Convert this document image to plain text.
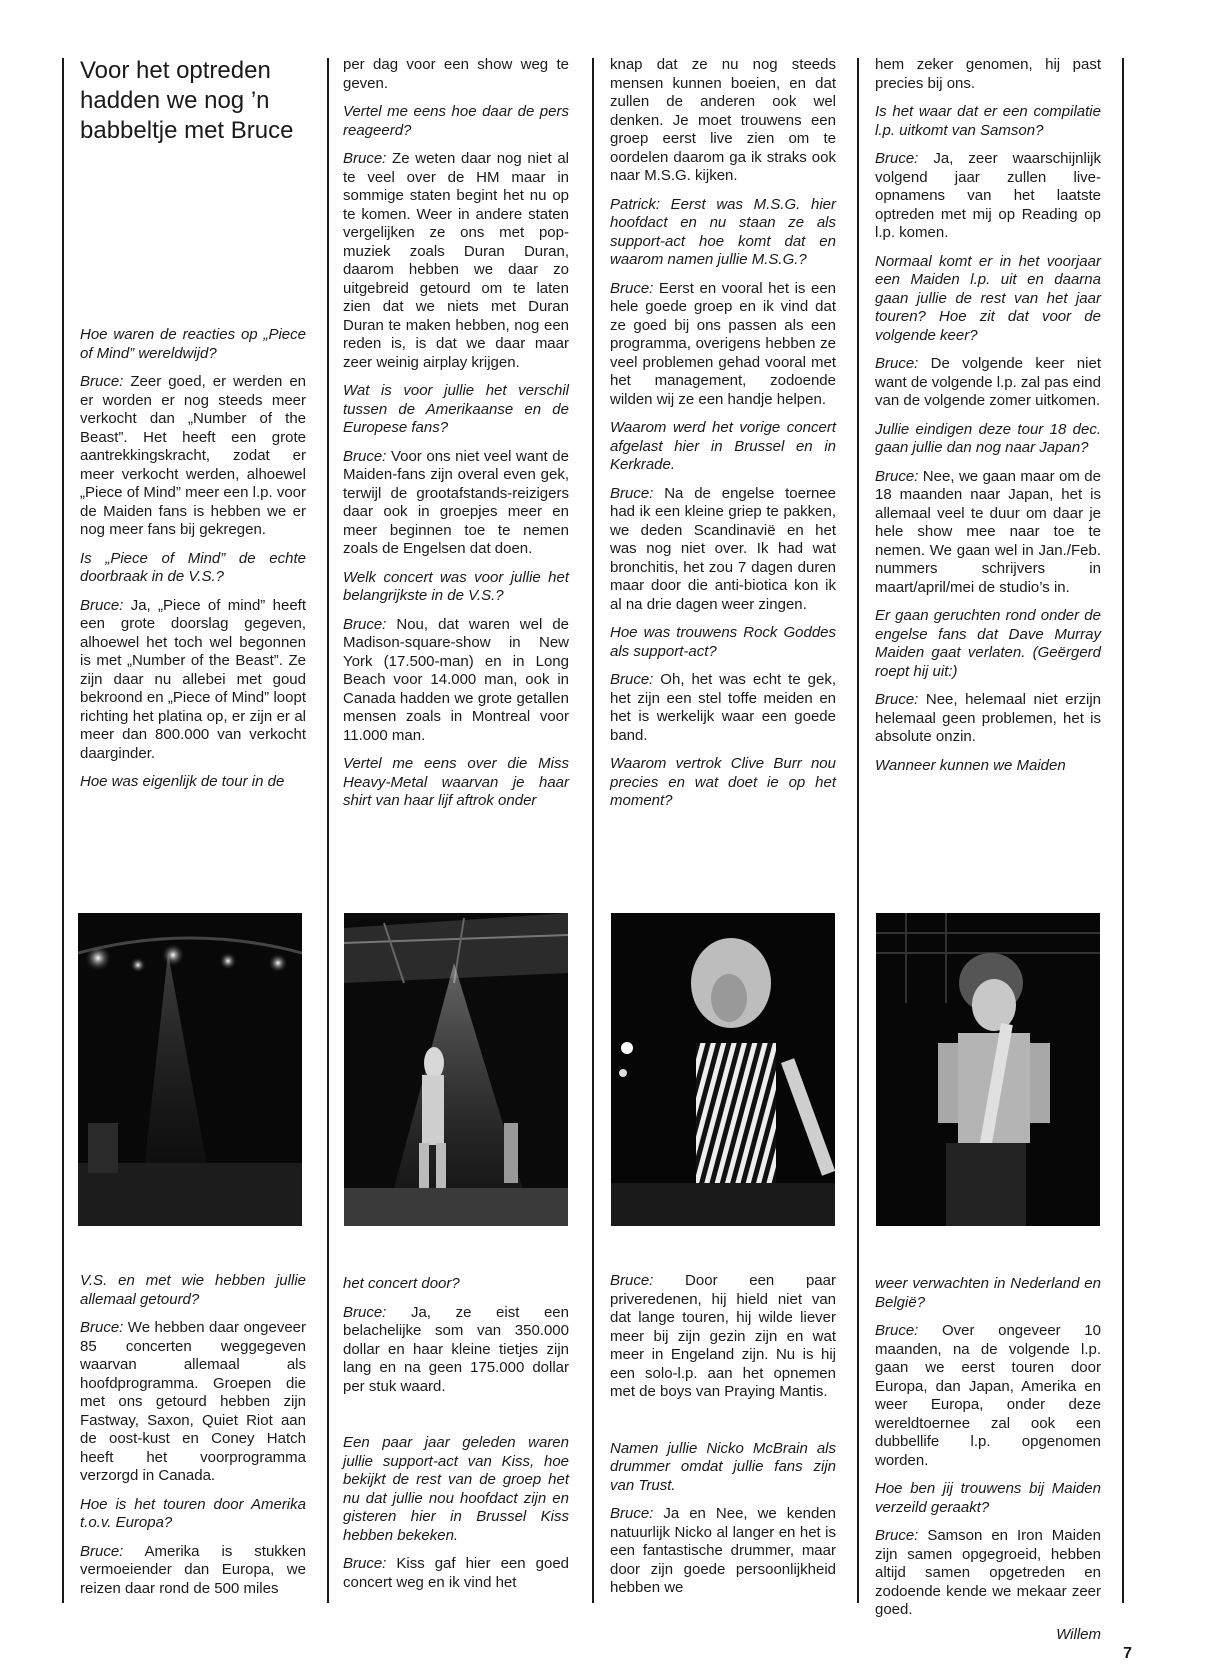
Voor het optreden hadden we nog ’n babbeltje met Bruce

Hoe waren de reacties op „Piece of Mind” wereldwijd?

Bruce: Zeer goed, er werden en er worden er nog steeds meer verkocht dan „Number of the Beast”. Het heeft een grote aantrekkingskracht, zodat er meer verkocht werden, alhoewel „Piece of Mind” meer een l.p. voor de Maiden fans is hebben we er nog meer fans bij gekregen.

Is „Piece of Mind” de echte doorbraak in de V.S.?

Bruce: Ja, „Piece of mind” heeft een grote doorslag gegeven, alhoewel het toch wel begonnen is met „Number of the Beast”. Ze zijn daar nu allebei met goud bekroond en „Piece of Mind” loopt richting het platina op, er zijn er al meer dan 800.000 van verkocht daarginder.

Hoe was eigenlijk de tour in de

per dag voor een show weg te geven.

Vertel me eens hoe daar de pers reageerd?

Bruce: Ze weten daar nog niet al te veel over de HM maar in sommige staten begint het nu op te komen. Weer in andere staten vergelijken ze ons met pop-muziek zoals Duran Duran, daarom hebben we daar zo uitgebreid getourd om te laten zien dat we niets met Duran Duran te maken hebben, nog een reden is, is dat we daar maar zeer weinig airplay krijgen.

Wat is voor jullie het verschil tussen de Amerikaanse en de Europese fans?

Bruce: Voor ons niet veel want de Maiden-fans zijn overal even gek, terwijl de grootafstands-reizigers daar ook in groepjes meer en meer beginnen toe te nemen zoals de Engelsen dat doen.

Welk concert was voor jullie het belangrijkste in de V.S.?

Bruce: Nou, dat waren wel de Madison-square-show in New York (17.500-man) en in Long Beach voor 14.000 man, ook in Canada hadden we grote getallen mensen zoals in Montreal voor 11.000 man.

Vertel me eens over die Miss Heavy-Metal waarvan je haar shirt van haar lijf aftrok onder

knap dat ze nu nog steeds mensen kunnen boeien, en dat zullen de anderen ook wel denken. Je moet trouwens een groep eerst live zien om te oordelen daarom ga ik straks ook naar M.S.G. kijken.

Patrick: Eerst was M.S.G. hier hoofdact en nu staan ze als support-act hoe komt dat en waarom namen jullie M.S.G.?

Bruce: Eerst en vooral het is een hele goede groep en ik vind dat ze goed bij ons passen als een programma, overigens hebben ze veel problemen gehad vooral met het management, zodoende wilden wij ze een handje helpen.

Waarom werd het vorige concert afgelast hier in Brussel en in Kerkrade.

Bruce: Na de engelse toernee had ik een kleine griep te pakken, we deden Scandinavië en het was nog niet over. Ik had wat bronchitis, het zou 7 dagen duren maar door die anti-biotica kon ik al na drie dagen weer zingen.

Hoe was trouwens Rock Goddes als support-act?

Bruce: Oh, het was echt te gek, het zijn een stel toffe meiden en het is werkelijk waar een goede band.

Waarom vertrok Clive Burr nou precies en wat doet ie op het moment?

hem zeker genomen, hij past precies bij ons.

Is het waar dat er een compilatie l.p. uitkomt van Samson?

Bruce: Ja, zeer waarschijnlijk volgend jaar zullen live-opnamens van het laatste optreden met mij op Reading op l.p. komen.

Normaal komt er in het voorjaar een Maiden l.p. uit en daarna gaan jullie de rest van het jaar touren? Hoe zit dat voor de volgende keer?

Bruce: De volgende keer niet want de volgende l.p. zal pas eind van de volgende zomer uitkomen.

Jullie eindigen deze tour 18 dec. gaan jullie dan nog naar Japan?

Bruce: Nee, we gaan maar om de 18 maanden naar Japan, het is allemaal veel te duur om daar je hele show mee naar toe te nemen. We gaan wel in Jan./Feb. nummers schrijvers in maart/april/mei de studio’s in.

Er gaan geruchten rond onder de engelse fans dat Dave Murray Maiden gaat verlaten. (Geërgerd roept hij uit:)

Bruce: Nee, helemaal niet erzijn helemaal geen problemen, het is absolute onzin.

Wanneer kunnen we Maiden

V.S. en met wie hebben jullie allemaal getourd?

Bruce: We hebben daar ongeveer 85 concerten weggegeven waarvan allemaal als hoofdprogramma. Groepen die met ons getourd hebben zijn Fastway, Saxon, Quiet Riot aan de oost-kust en Coney Hatch heeft het voorprogramma verzorgd in Canada.

Hoe is het touren door Amerika t.o.v. Europa?

Bruce: Amerika is stukken vermoeiender dan Europa, we reizen daar rond de 500 miles

het concert door?

Bruce: Ja, ze eist een belachelijke som van 350.000 dollar en haar kleine tietjes zijn lang en na geen 175.000 dollar per stuk waard.

Een paar jaar geleden waren jullie support-act van Kiss, hoe bekijkt de rest van de groep het nu dat jullie nou hoofdact zijn en gisteren hier in Brussel Kiss hebben bekeken.

Bruce: Kiss gaf hier een goed concert weg en ik vind het

Bruce: Door een paar priveredenen, hij hield niet van dat lange touren, hij wilde liever meer bij zijn gezin zijn en wat meer in Engeland zijn. Nu is hij een solo-l.p. aan het opnemen met de boys van Praying Mantis.

Namen jullie Nicko McBrain als drummer omdat jullie fans zijn van Trust.

Bruce: Ja en Nee, we kenden natuurlijk Nicko al langer en het is een fantastische drummer, maar door zijn goede persoonlijkheid hebben we

weer verwachten in Nederland en België?

Bruce: Over ongeveer 10 maanden, na de volgende l.p. gaan we eerst touren door Europa, dan Japan, Amerika en weer Europa, onder deze wereldtoernee zal ook een dubbellife l.p. opgenomen worden.

Hoe ben jij trouwens bij Maiden verzeild geraakt?

Bruce: Samson en Iron Maiden zijn samen opgegroeid, hebben altijd samen opgetreden en zodoende kende we mekaar zeer goed.

Willem

7
